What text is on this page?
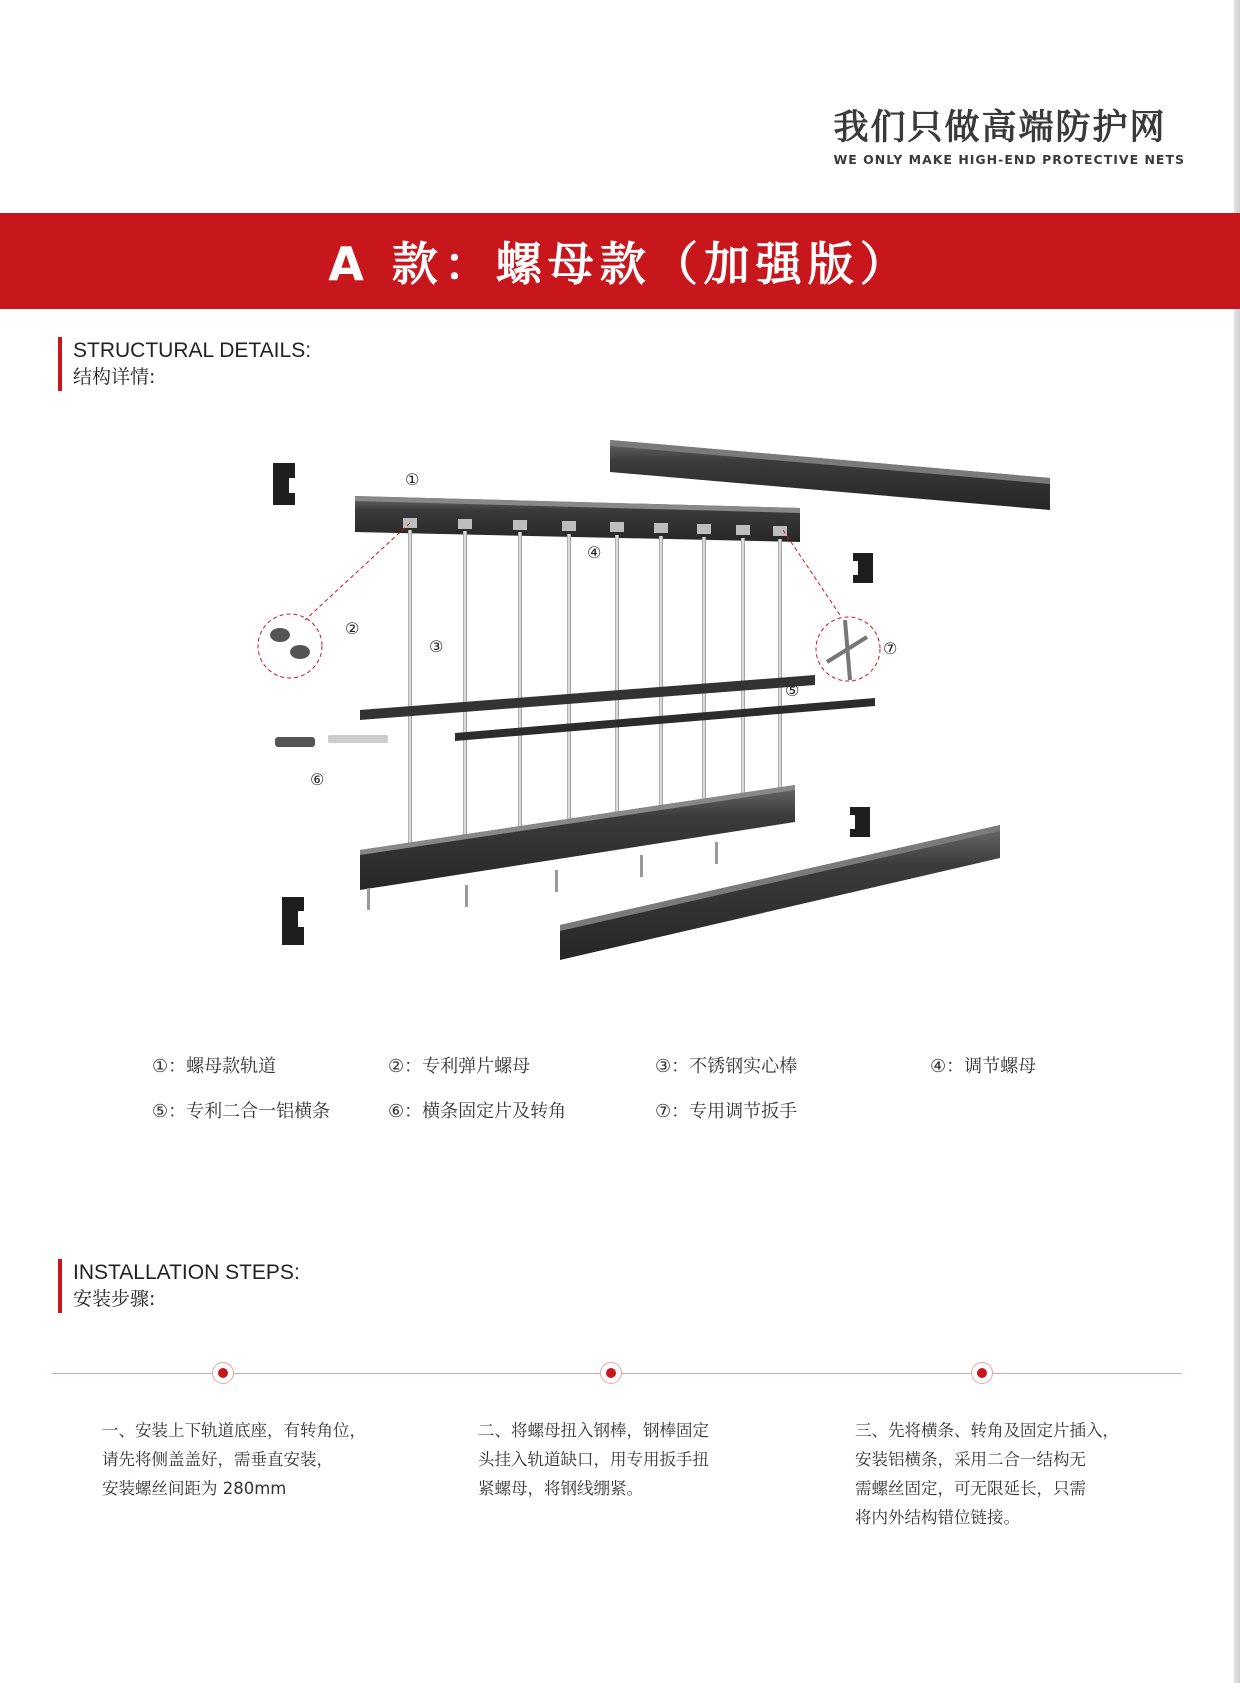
我们只做高端防护网
WE ONLY MAKE HIGH-END PROTECTIVE NETS
A 款：螺母款（加强版）
STRUCTURAL DETAILS:
结构详情:
①
②
③
④
⑤
⑥
⑦
①：螺母款轨道	②：专利弹片螺母	③：不锈钢实心棒	④：调节螺母
⑤：专利二合一铝横条	⑥：横条固定片及转角	⑦：专用调节扳手
INSTALLATION STEPS:
安装步骤:
一、安装上下轨道底座，有转角位，
请先将侧盖盖好，需垂直安装，
安装螺丝间距为 280mm
二、将螺母扭入钢棒，钢棒固定
头挂入轨道缺口，用专用扳手扭
紧螺母，将钢线绷紧。
三、先将横条、转角及固定片插入，
安装铝横条，采用二合一结构无
需螺丝固定，可无限延长，只需
将内外结构错位链接。
